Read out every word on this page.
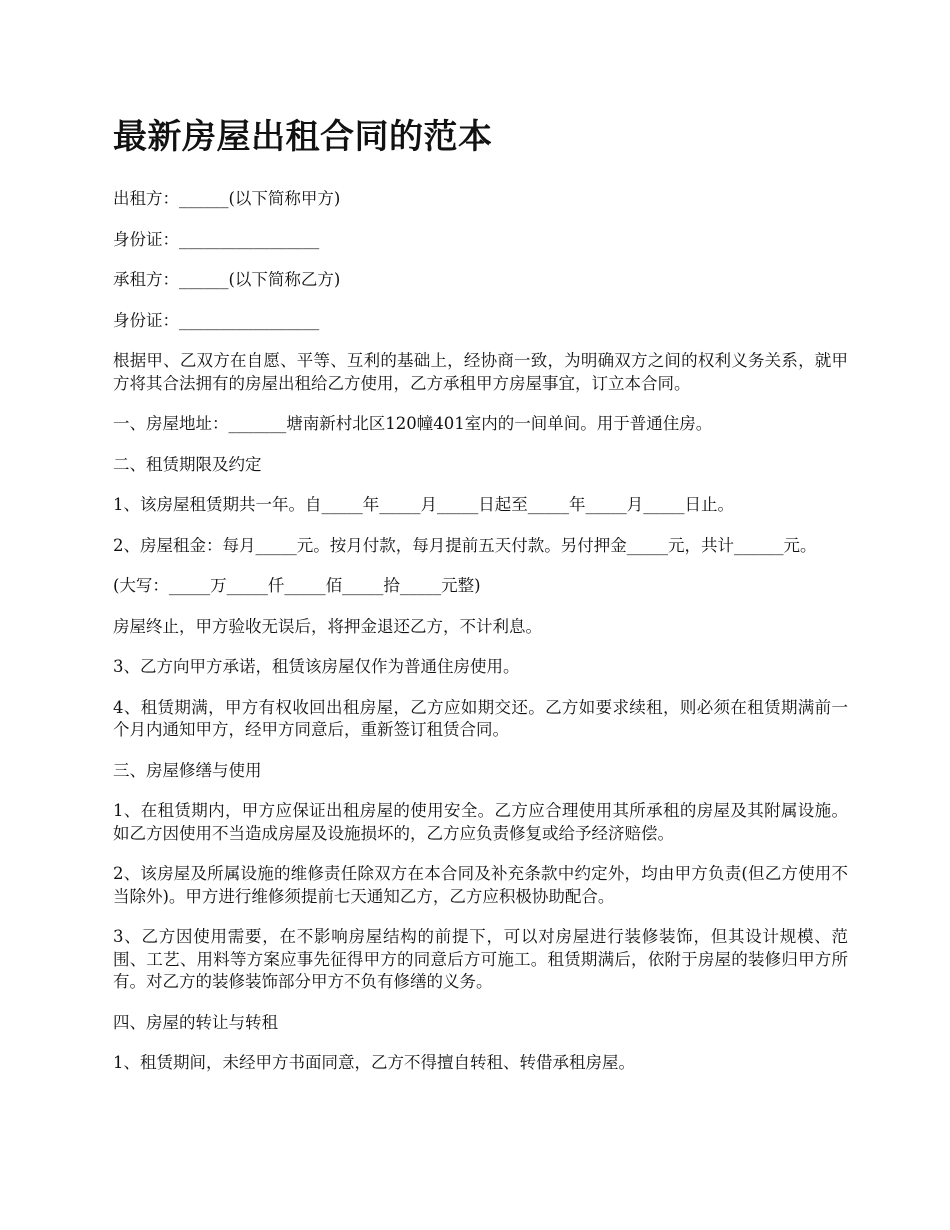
最新房屋出租合同的范本

出租方：______(以下简称甲方)

身份证：_________________

承租方：______(以下简称乙方)

身份证：_________________

根据甲、乙双方在自愿、平等、互利的基础上，经协商一致，为明确双方之间的权利义务关系，就甲方将其合法拥有的房屋出租给乙方使用，乙方承租甲方房屋事宜，订立本合同。

一、房屋地址：_______塘南新村北区120幢401室内的一间单间。用于普通住房。

二、租赁期限及约定

1、该房屋租赁期共一年。自_____年_____月_____日起至_____年_____月_____日止。

2、房屋租金：每月_____元。按月付款，每月提前五天付款。另付押金_____元，共计______元。

(大写：_____万_____仟_____佰_____拾_____元整)

房屋终止，甲方验收无误后，将押金退还乙方，不计利息。

3、乙方向甲方承诺，租赁该房屋仅作为普通住房使用。

4、租赁期满，甲方有权收回出租房屋，乙方应如期交还。乙方如要求续租，则必须在租赁期满前一个月内通知甲方，经甲方同意后，重新签订租赁合同。

三、房屋修缮与使用

1、在租赁期内，甲方应保证出租房屋的使用安全。乙方应合理使用其所承租的房屋及其附属设施。如乙方因使用不当造成房屋及设施损坏的，乙方应负责修复或给予经济赔偿。

2、该房屋及所属设施的维修责任除双方在本合同及补充条款中约定外，均由甲方负责(但乙方使用不当除外)。甲方进行维修须提前七天通知乙方，乙方应积极协助配合。

3、乙方因使用需要，在不影响房屋结构的前提下，可以对房屋进行装修装饰，但其设计规模、范围、工艺、用料等方案应事先征得甲方的同意后方可施工。租赁期满后，依附于房屋的装修归甲方所有。对乙方的装修装饰部分甲方不负有修缮的义务。

四、房屋的转让与转租

1、租赁期间，未经甲方书面同意，乙方不得擅自转租、转借承租房屋。
